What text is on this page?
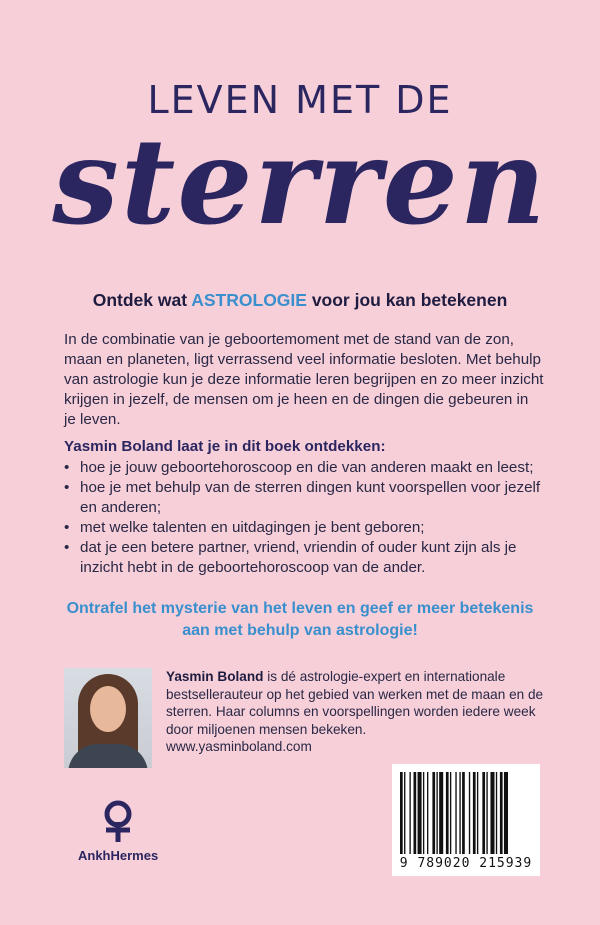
LEVEN MET DE
sterren
Ontdek wat ASTROLOGIE voor jou kan betekenen
In de combinatie van je geboortemoment met de stand van de zon, maan en planeten, ligt verrassend veel informatie besloten. Met behulp van astrologie kun je deze informatie leren begrijpen en zo meer inzicht krijgen in jezelf, de mensen om je heen en de dingen die gebeuren in je leven.
Yasmin Boland laat je in dit boek ontdekken:
• hoe je jouw geboortehoroscoop en die van anderen maakt en leest;
• hoe je met behulp van de sterren dingen kunt voorspellen voor jezelf en anderen;
• met welke talenten en uitdagingen je bent geboren;
• dat je een betere partner, vriend, vriendin of ouder kunt zijn als je inzicht hebt in de geboortehoroscoop van de ander.
Ontrafel het mysterie van het leven en geef er meer betekenis aan met behulp van astrologie!
Yasmin Boland is dé astrologie-expert en internationale bestsellerauteur op het gebied van werken met de maan en de sterren. Haar columns en voorspellingen worden iedere week door miljoenen mensen bekeken.
www.yasminboland.com
AnkhHermes
9 789020 215939
